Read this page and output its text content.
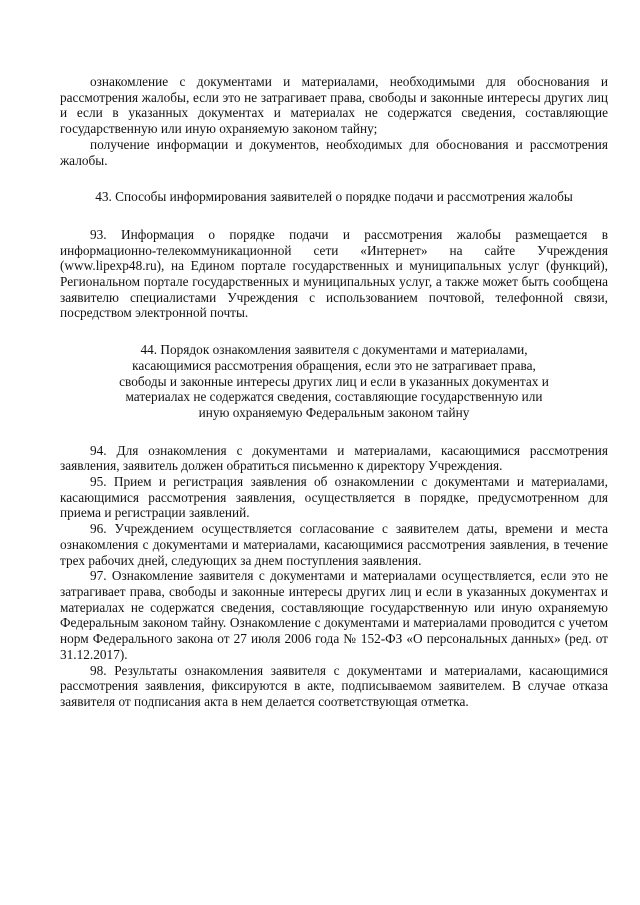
ознакомление с документами и материалами, необходимыми для обоснования и рассмотрения жалобы, если это не затрагивает права, свободы и законные интересы других лиц и если в указанных документах и материалах не содержатся сведения, составляющие государственную или иную охраняемую законом тайну;

получение информации и документов, необходимых для обоснования и рассмотрения жалобы.

43. Способы информирования заявителей о порядке подачи и рассмотрения жалобы

93. Информация о порядке подачи и рассмотрения жалобы размещается в информационно-телекоммуникационной сети «Интернет» на сайте Учреждения (www.lipexp48.ru), на Едином портале государственных и муниципальных услуг (функций), Региональном портале государственных и муниципальных услуг, а также может быть сообщена заявителю специалистами Учреждения с использованием почтовой, телефонной связи, посредством электронной почты.

44. Порядок ознакомления заявителя с документами и материалами, касающимися рассмотрения обращения, если это не затрагивает права, свободы и законные интересы других лиц и если в указанных документах и материалах не содержатся сведения, составляющие государственную или иную охраняемую Федеральным законом тайну

94. Для ознакомления с документами и материалами, касающимися рассмотрения заявления, заявитель должен обратиться письменно к директору Учреждения.

95. Прием и регистрация заявления об ознакомлении с документами и материалами, касающимися рассмотрения заявления, осуществляется в порядке, предусмотренном для приема и регистрации заявлений.

96. Учреждением осуществляется согласование с заявителем даты, времени и места ознакомления с документами и материалами, касающимися рассмотрения заявления, в течение трех рабочих дней, следующих за днем поступления заявления.

97. Ознакомление заявителя с документами и материалами осуществляется, если это не затрагивает права, свободы и законные интересы других лиц и если в указанных документах и материалах не содержатся сведения, составляющие государственную или иную охраняемую Федеральным законом тайну. Ознакомление с документами и материалами проводится с учетом норм Федерального закона от 27 июля 2006 года № 152-ФЗ «О персональных данных» (ред. от 31.12.2017).

98. Результаты ознакомления заявителя с документами и материалами, касающимися рассмотрения заявления, фиксируются в акте, подписываемом заявителем. В случае отказа заявителя от подписания акта в нем делается соответствующая отметка.
